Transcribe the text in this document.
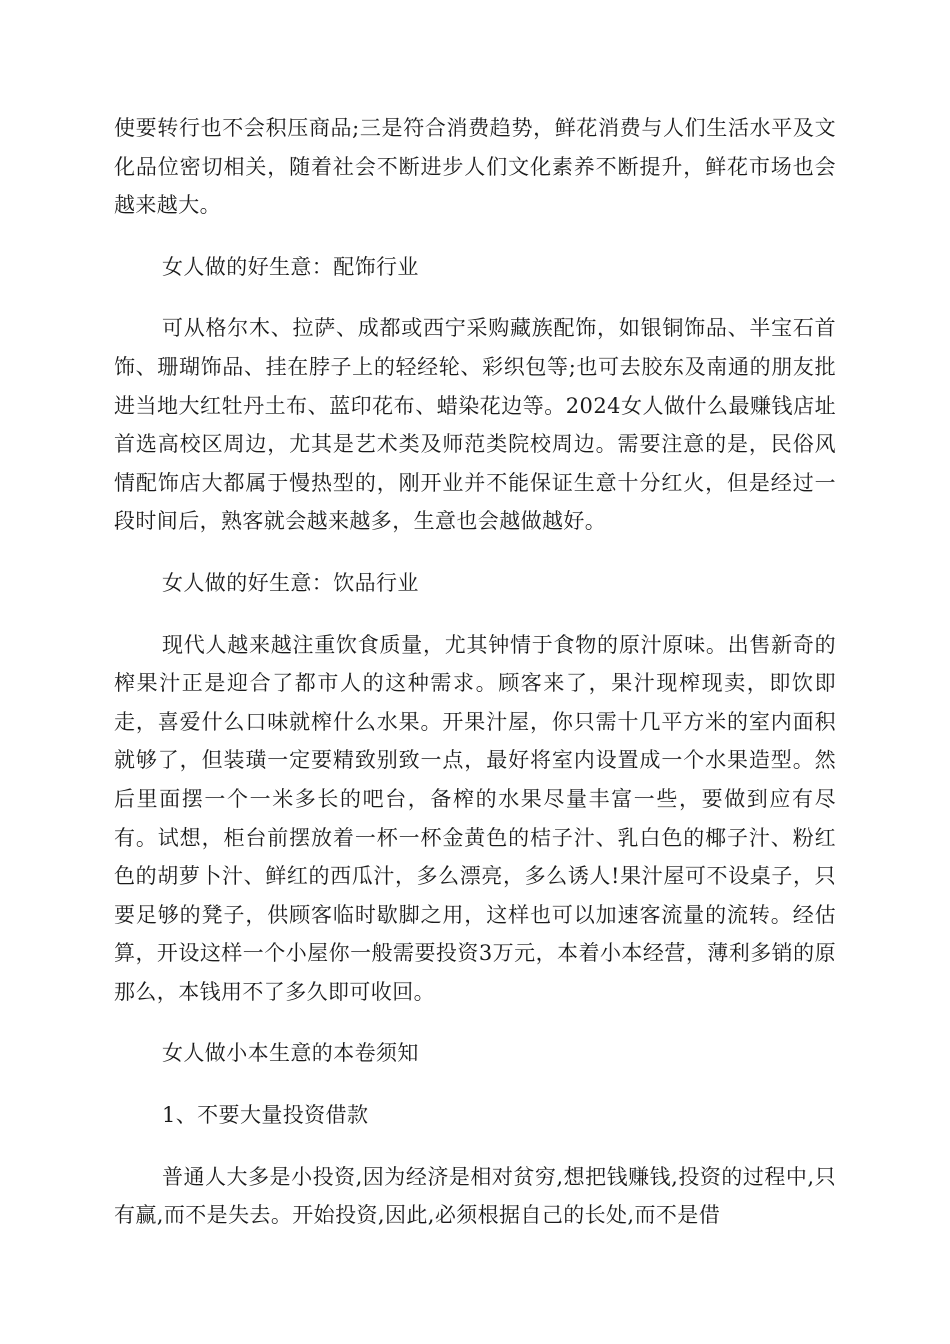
使要转行也不会积压商品;三是符合消费趋势，鲜花消费与人们生活水平及文化品位密切相关，随着社会不断进步人们文化素养不断提升，鲜花市场也会越来越大。

女人做的好生意：配饰行业

可从格尔木、拉萨、成都或西宁采购藏族配饰，如银铜饰品、半宝石首饰、珊瑚饰品、挂在脖子上的轻经轮、彩织包等;也可去胶东及南通的朋友批进当地大红牡丹土布、蓝印花布、蜡染花边等。2024女人做什么最赚钱店址首选高校区周边，尤其是艺术类及师范类院校周边。需要注意的是，民俗风情配饰店大都属于慢热型的，刚开业并不能保证生意十分红火，但是经过一段时间后，熟客就会越来越多，生意也会越做越好。

女人做的好生意：饮品行业

现代人越来越注重饮食质量，尤其钟情于食物的原汁原味。出售新奇的榨果汁正是迎合了都市人的这种需求。顾客来了，果汁现榨现卖，即饮即走，喜爱什么口味就榨什么水果。开果汁屋，你只需十几平方米的室内面积就够了，但装璜一定要精致别致一点，最好将室内设置成一个水果造型。然后里面摆一个一米多长的吧台，备榨的水果尽量丰富一些，要做到应有尽有。试想，柜台前摆放着一杯一杯金黄色的桔子汁、乳白色的椰子汁、粉红色的胡萝卜汁、鲜红的西瓜汁，多么漂亮，多么诱人!果汁屋可不设桌子，只要足够的凳子，供顾客临时歇脚之用，这样也可以加速客流量的流转。经估算，开设这样一个小屋你一般需要投资3万元，本着小本经营，薄利多销的原那么，本钱用不了多久即可收回。

女人做小本生意的本卷须知

1、不要大量投资借款

普通人大多是小投资,因为经济是相对贫穷,想把钱赚钱,投资的过程中,只有赢,而不是失去。开始投资,因此,必须根据自己的长处,而不是借
